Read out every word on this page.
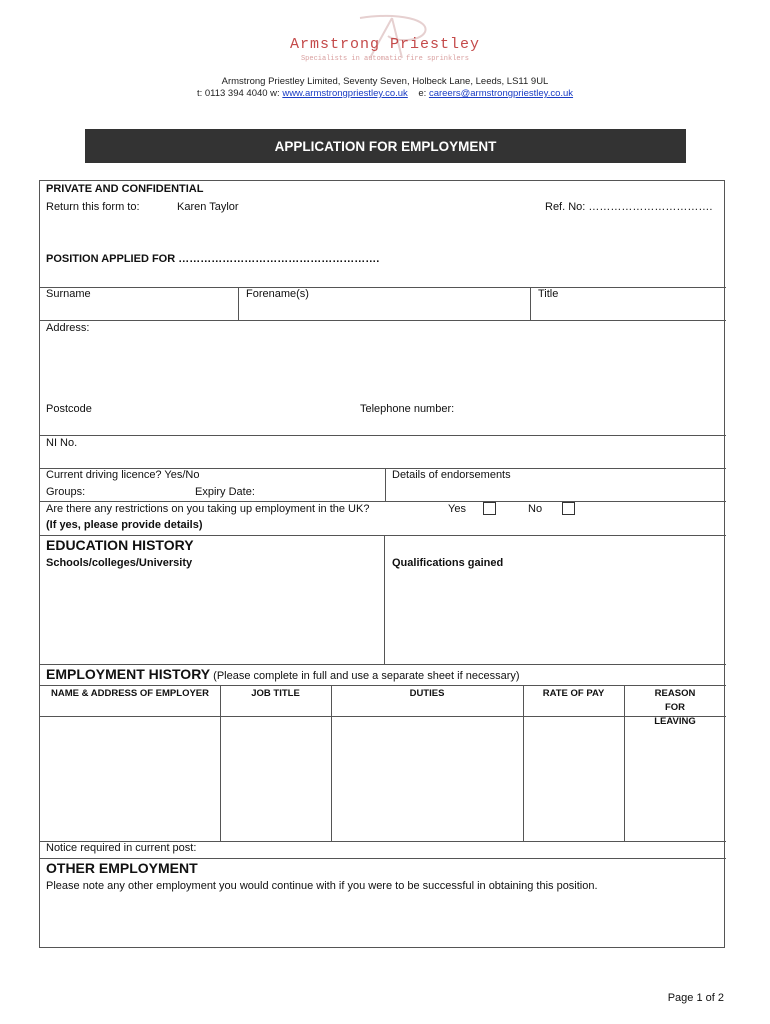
Armstrong Priestley
Specialists in automatic fire sprinklers
Armstrong Priestley Limited, Seventy Seven, Holbeck Lane, Leeds, LS11 9UL
t: 0113 394 4040 w: www.armstrongpriestley.co.uk e: careers@armstrongpriestley.co.uk
APPLICATION FOR EMPLOYMENT
PRIVATE AND CONFIDENTIAL
Return this form to:	Karen Taylor	Ref. No: …………………………….
POSITION APPLIED FOR ……………………………………………….
Surname	Forename(s)	Title
Address:
Postcode	Telephone number:
NI No.
Current driving licence? Yes/No
Groups:	Expiry Date:
Details of endorsements
Are there any restrictions on you taking up employment in the UK?	Yes	No
(If yes, please provide details)
EDUCATION HISTORY
Schools/colleges/University	Qualifications gained
EMPLOYMENT HISTORY (Please complete in full and use a separate sheet if necessary)
NAME & ADDRESS OF EMPLOYER	JOB TITLE	DUTIES	RATE OF PAY	REASON FOR LEAVING
Notice required in current post:
OTHER EMPLOYMENT
Please note any other employment you would continue with if you were to be successful in obtaining this position.
Page 1 of 2
